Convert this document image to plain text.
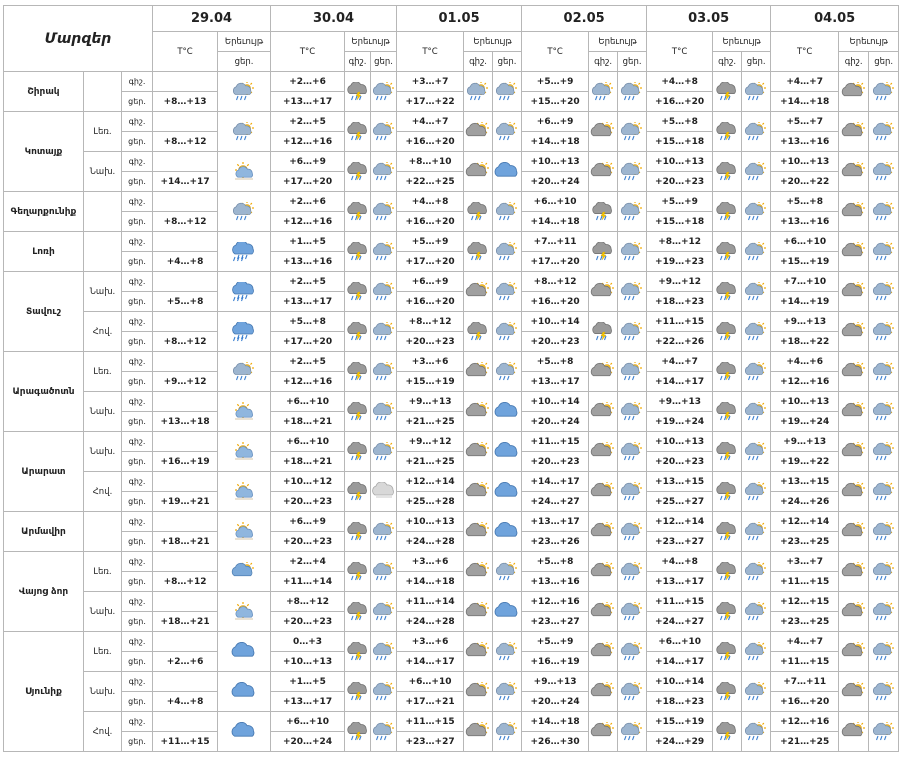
Մարզեր			29.04		30.04			01.05			02.05			03.05			04.05		
			T°C	Երեւույթ	T°C	Երեւույթ		T°C	Երեւույթ		T°C	Երեւույթ		T°C	Երեւույթ		T°C	Երեւույթ	
				ցեր.		գիշ.	ցեր.		գիշ.	ցեր.		գիշ.	ցեր.		գիշ.	ցեր.		գիշ.	ցեր.
Շիրակ		գիշ.			+2…+6			+3…+7			+5…+9			+4…+8			+4…+7	

		ցեր.	+8…+13		+13…+17			+17…+22			+15…+20			+16…+20			+14…+18		
Կոտայք	Լեռ.	գիշ.			+2…+5			+4…+7			+6…+9			+5…+8			+5…+7	

		ցեր.	+8…+12		+12…+16			+16…+20			+14…+18			+15…+18			+13…+16		
	Նախ.	գիշ.			+6…+9			+8…+10			+10…+13			+10…+13			+10…+13	

		ցեր.	+14…+17		+17…+20			+22…+25			+20…+24			+20…+23			+20…+22		
Գեղարքունիք		գիշ.			+2…+6			+4…+8			+6…+10			+5…+9			+5…+8	

		ցեր.	+8…+12		+12…+16			+16…+20			+14…+18			+15…+18			+13…+16		
Լոռի		գիշ.			+1…+5			+5…+9			+7…+11			+8…+12			+6…+10	

		ցեր.	+4…+8		+13…+16			+17…+20			+17…+20			+19…+23			+15…+19		
Տավուշ	Նախ.	գիշ.			+2…+5			+6…+9			+8…+12			+9…+12			+7…+10	

		ցեր.	+5…+8		+13…+17			+16…+20			+16…+20			+18…+23			+14…+19		
	Հով.	գիշ.			+5…+8			+8…+12			+10…+14			+11…+15			+9…+13	

		ցեր.	+8…+12		+17…+20			+20…+23			+20…+23			+22…+26			+18…+22		
Արագածոտն	Լեռ.	գիշ.			+2…+5			+3…+6			+5…+8			+4…+7			+4…+6	

		ցեր.	+9…+12		+12…+16			+15…+19			+13…+17			+14…+17			+12…+16		
	Նախ.	գիշ.			+6…+10			+9…+13			+10…+14			+9…+13			+10…+13	

		ցեր.	+13…+18		+18…+21			+21…+25			+20…+24			+19…+24			+19…+24		
Արարատ	Նախ.	գիշ.			+6…+10			+9…+12			+11…+15			+10…+13			+9…+13	

		ցեր.	+16…+19		+18…+21			+21…+25			+20…+23			+20…+23			+19…+22		
	Հով.	գիշ.			+10…+12			+12…+14			+14…+17			+13…+15			+13…+15	

		ցեր.	+19…+21		+20…+23			+25…+28			+24…+27			+25…+27			+24…+26		
Արմավիր		գիշ.			+6…+9			+10…+13			+13…+17			+12…+14			+12…+14	

		ցեր.	+18…+21		+20…+23			+24…+28			+23…+26			+23…+27			+23…+25		
Վայոց ձոր	Լեռ.	գիշ.			+2…+4			+3…+6			+5…+8			+4…+8			+3…+7	

		ցեր.	+8…+12		+11…+14			+14…+18			+13…+16			+13…+17			+11…+15		
	Նախ.	գիշ.			+8…+12			+11…+14			+12…+16			+11…+15			+12…+15	

		ցեր.	+18…+21		+20…+23			+24…+28			+23…+27			+24…+27			+23…+25		
Սյունիք	Լեռ.	գիշ.			0…+3			+3…+6			+5…+9			+6…+10			+4…+7	

		ցեր.	+2…+6		+10…+13			+14…+17			+16…+19			+14…+17			+11…+15		
	Նախ.	գիշ.			+1…+5			+6…+10			+9…+13			+10…+14			+7…+11	

		ցեր.	+4…+8		+13…+17			+17…+21			+20…+24			+18…+23			+16…+20		
	Հով.	գիշ.			+6…+10			+11…+15			+14…+18			+15…+19			+12…+16	

		ցեր.	+11…+15		+20…+24			+23…+27			+26…+30			+24…+29			+21…+25		
